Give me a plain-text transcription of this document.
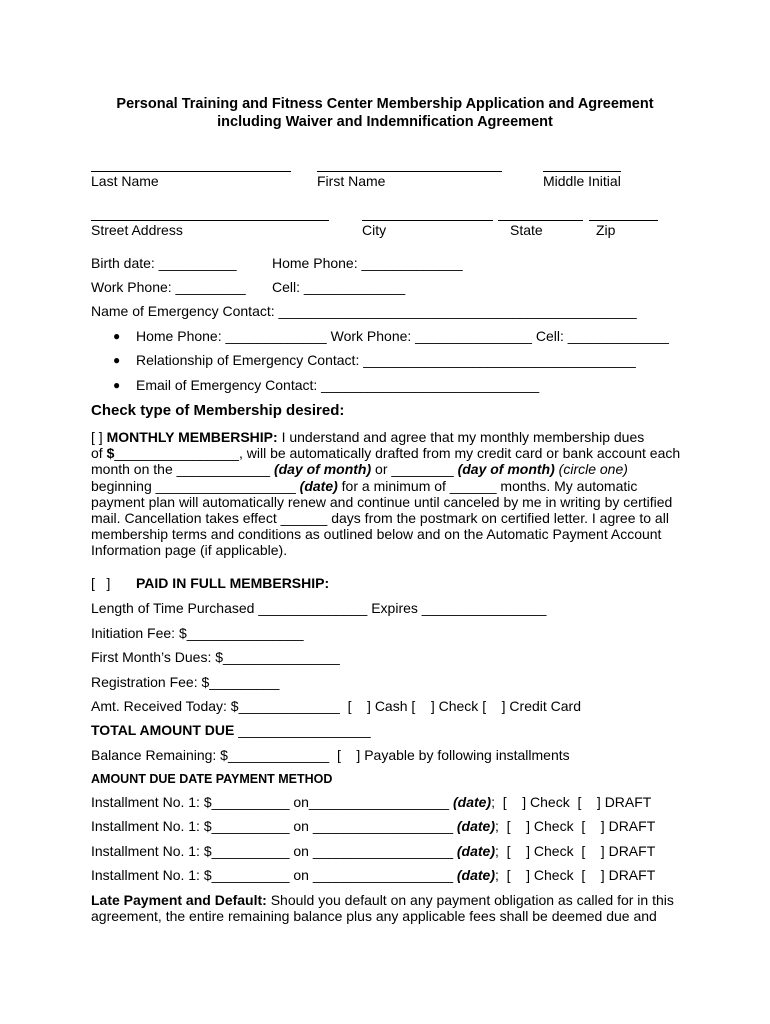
Personal Training and Fitness Center Membership Application and Agreement
including Waiver and Indemnification Agreement
Last Name	First Name	Middle Initial
Street Address	City	State	Zip
Birth date: __________	Home Phone: _____________
Work Phone: _________ Cell: _____________
Name of Emergency Contact: ______________________________________________
● Home Phone: _____________ Work Phone: _______________ Cell: _____________
● Relationship of Emergency Contact: ___________________________________
● Email of Emergency Contact: ____________________________
Check type of Membership desired:
[ ] MONTHLY MEMBERSHIP: I understand and agree that my monthly membership dues
of $________________, will be automatically drafted from my credit card or bank account each
month on the ____________ (day of month) or ________ (day of month) (circle one)
beginning __________________ (date) for a minimum of ______ months. My automatic
payment plan will automatically renew and continue until canceled by me in writing by certified
mail. Cancellation takes effect ______ days from the postmark on certified letter. I agree to all
membership terms and conditions as outlined below and on the Automatic Payment Account
Information page (if applicable).
[   ] PAID IN FULL MEMBERSHIP:
Length of Time Purchased ______________ Expires ________________
Initiation Fee: $_______________
First Month’s Dues: $_______________
Registration Fee: $_________
Amt. Received Today: $_____________  [    ] Cash [    ] Check [    ] Credit Card
TOTAL AMOUNT DUE _________________
Balance Remaining: $_____________  [    ] Payable by following installments
AMOUNT DUE DATE PAYMENT METHOD
Installment No. 1: $__________ on__________________ (date);  [    ] Check  [    ] DRAFT
Installment No. 1: $__________ on __________________ (date);  [    ] Check  [    ] DRAFT
Installment No. 1: $__________ on __________________ (date);  [    ] Check  [    ] DRAFT
Installment No. 1: $__________ on __________________ (date);  [    ] Check  [    ] DRAFT
Late Payment and Default: Should you default on any payment obligation as called for in this
agreement, the entire remaining balance plus any applicable fees shall be deemed due and
